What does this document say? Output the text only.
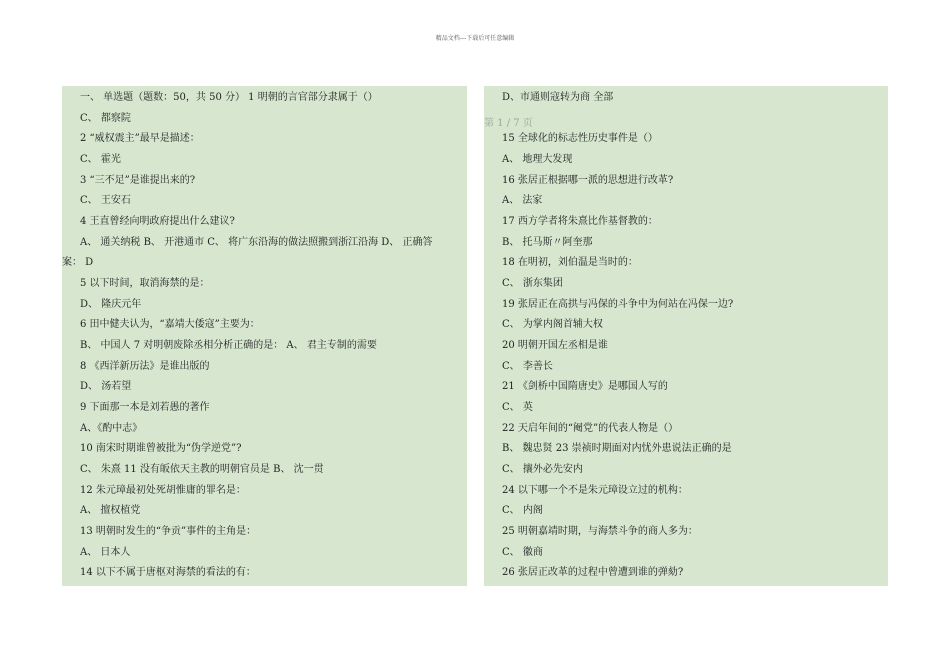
精品文档---下载后可任意编辑
一、 单选题（题数：50，共 50 分） 1 明朝的言官部分隶属于（）
C、 都察院
2 “威权震主”最早是描述：
C、 霍光
3 “三不足”是谁提出来的?
C、 王安石
4 王直曾经向明政府提出什么建议?
A、 通关纳税 B、 开港通市 C、 将广东沿海的做法照搬到浙江沿海 D、 正确答
案： D
5 以下时间，取消海禁的是：
D、 隆庆元年
6 田中健夫认为，“嘉靖大倭寇”主要为：
B、 中国人 7 对明朝废除丞相分析正确的是： A、 君主专制的需要
8 《西洋新历法》是谁出版的
D、 汤若望
9 下面那一本是刘若愚的著作
A、《酌中志》
10 南宋时期谁曾被批为“伪学逆党”?
C、 朱熹 11 没有皈依天主教的明朝官员是 B、 沈一贯
12 朱元璋最初处死胡惟庸的罪名是：
A、 擅权植党
13 明朝时发生的“争贡”事件的主角是：
A、 日本人
14 以下不属于唐枢对海禁的看法的有：
D、市通则寇转为商 全部
第 1 / 7 页
15 全球化的标志性历史事件是（）
A、 地理大发现
16 张居正根据哪一派的思想进行改革?
A、 法家
17 西方学者将朱熹比作基督教的：
B、 托马斯〃阿奎那
18 在明初，刘伯温是当时的：
C、 浙东集团
19 张居正在高拱与冯保的斗争中为何站在冯保一边?
C、 为掌内阁首辅大权
20 明朝开国左丞相是谁
C、 李善长
21 《剑桥中国隋唐史》是哪国人写的
C、 英
22 天启年间的“阉党”的代表人物是（）
B、 魏忠贤 23 崇祯时期面对内忧外患说法正确的是
C、 攘外必先安内
24 以下哪一个不是朱元璋设立过的机构：
C、 内阁
25 明朝嘉靖时期，与海禁斗争的商人多为：
C、 徽商
26 张居正改革的过程中曾遭到谁的弹劾?
